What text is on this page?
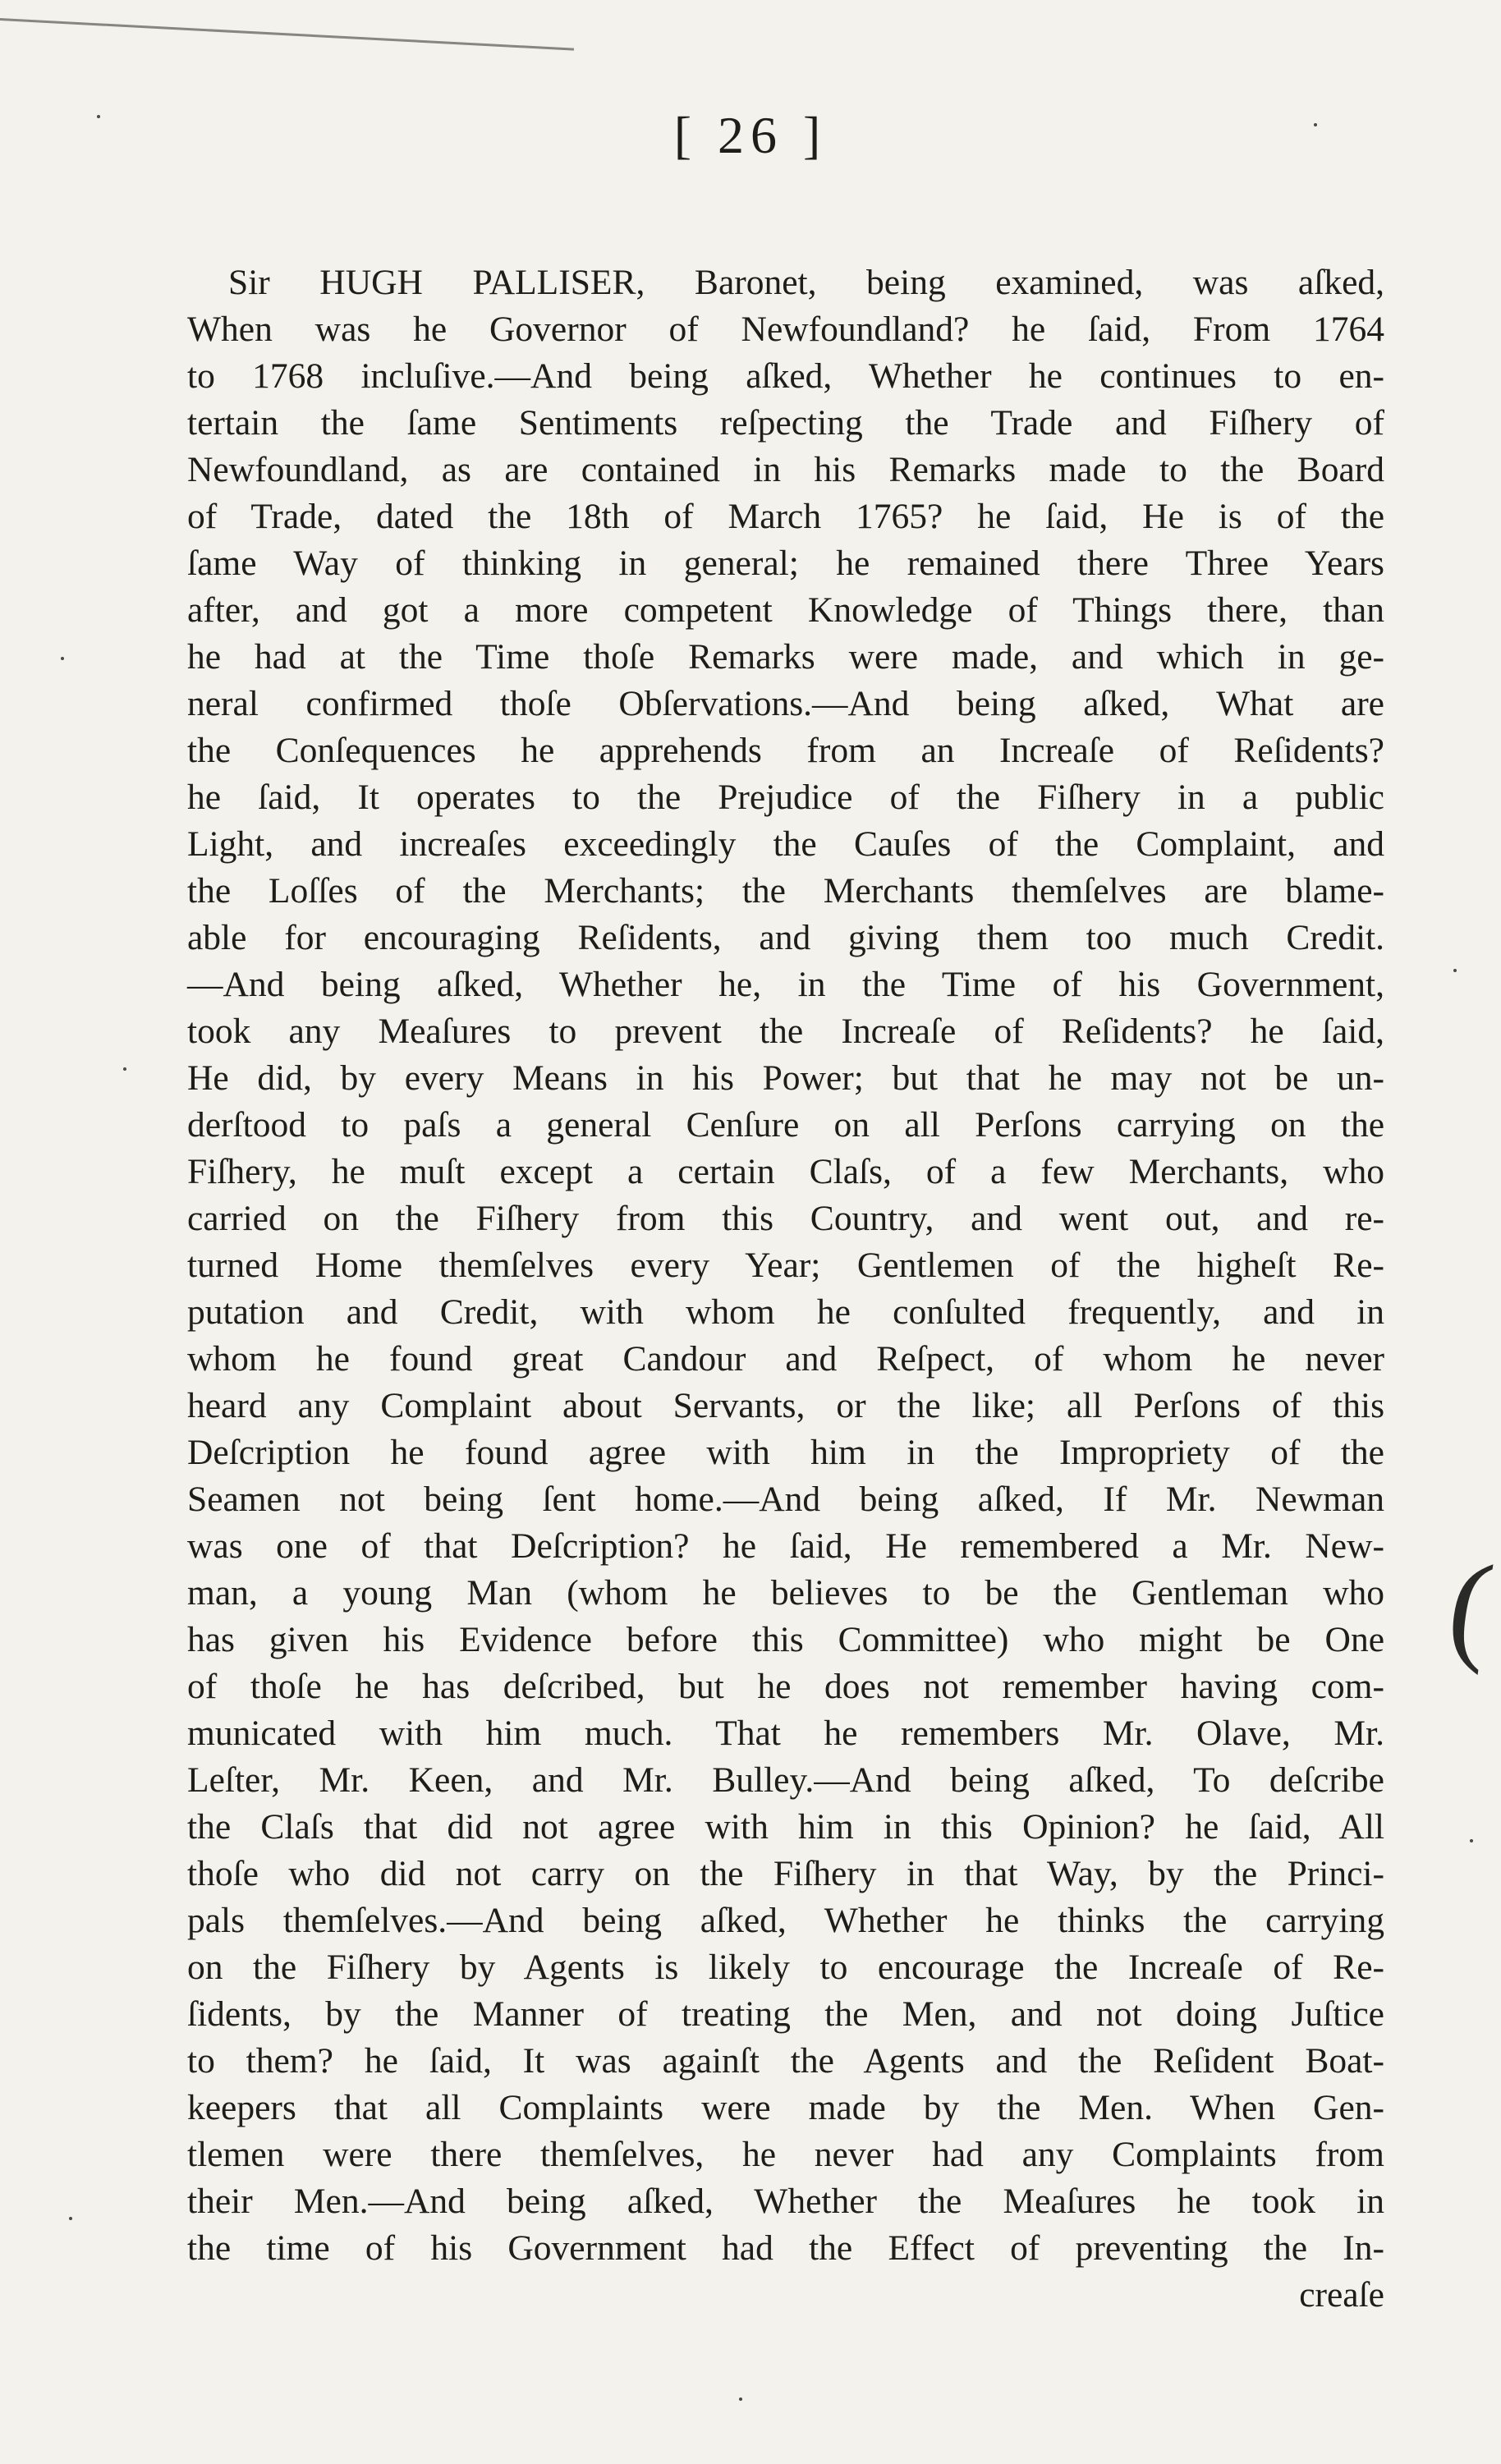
[ 26 ]
Sir HUGH PALLISER, Baronet, being examined, was aſked,
When was he Governor of Newfoundland? he ſaid, From 1764
to 1768 incluſive.—And being aſked, Whether he continues to en-
tertain the ſame Sentiments reſpecting the Trade and Fiſhery of
Newfoundland, as are contained in his Remarks made to the Board
of Trade, dated the 18th of March 1765? he ſaid, He is of the
ſame Way of thinking in general; he remained there Three Years
after, and got a more competent Knowledge of Things there, than
he had at the Time thoſe Remarks were made, and which in ge-
neral confirmed thoſe Obſervations.—And being aſked, What are
the Conſequences he apprehends from an Increaſe of Reſidents?
he ſaid, It operates to the Prejudice of the Fiſhery in a public
Light, and increaſes exceedingly the Cauſes of the Complaint, and
the Loſſes of the Merchants; the Merchants themſelves are blame-
able for encouraging Reſidents, and giving them too much Credit.
—And being aſked, Whether he, in the Time of his Government,
took any Meaſures to prevent the Increaſe of Reſidents? he ſaid,
He did, by every Means in his Power; but that he may not be un-
derſtood to paſs a general Cenſure on all Perſons carrying on the
Fiſhery, he muſt except a certain Claſs, of a few Merchants, who
carried on the Fiſhery from this Country, and went out, and re-
turned Home themſelves every Year; Gentlemen of the higheſt Re-
putation and Credit, with whom he conſulted frequently, and in
whom he found great Candour and Reſpect, of whom he never
heard any Complaint about Servants, or the like; all Perſons of this
Deſcription he found agree with him in the Impropriety of the
Seamen not being ſent home.—And being aſked, If Mr. Newman
was one of that Deſcription? he ſaid, He remembered a Mr. New-
man, a young Man (whom he believes to be the Gentleman who
has given his Evidence before this Committee) who might be One
of thoſe he has deſcribed, but he does not remember having com-
municated with him much. That he remembers Mr. Olave, Mr.
Leſter, Mr. Keen, and Mr. Bulley.—And being aſked, To deſcribe
the Claſs that did not agree with him in this Opinion? he ſaid, All
thoſe who did not carry on the Fiſhery in that Way, by the Princi-
pals themſelves.—And being aſked, Whether he thinks the carrying
on the Fiſhery by Agents is likely to encourage the Increaſe of Re-
ſidents, by the Manner of treating the Men, and not doing Juſtice
to them? he ſaid, It was againſt the Agents and the Reſident Boat-
keepers that all Complaints were made by the Men. When Gen-
tlemen were there themſelves, he never had any Complaints from
their Men.—And being aſked, Whether the Meaſures he took in
the time of his Government had the Effect of preventing the In-
creaſe
(
